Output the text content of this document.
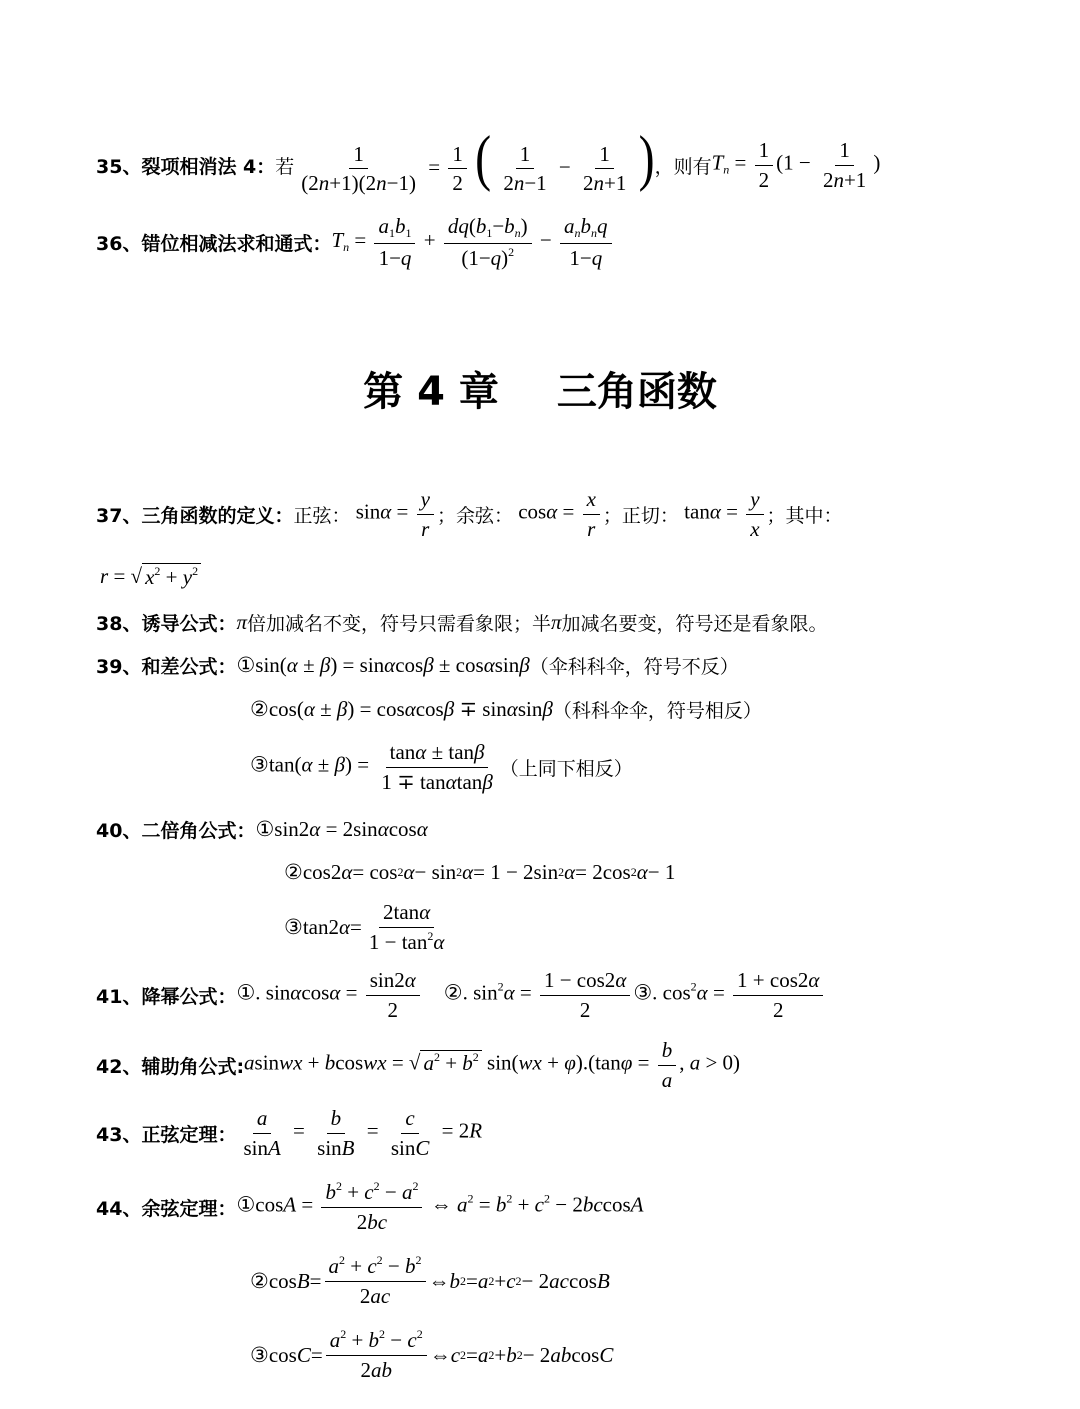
35、裂项相消法 4： 若 $\frac{1}{(2n+1)(2n-1)} = \frac{1}{2}$ ( $\frac{1}{2n-1} - \frac{1}{2n+1}$ ) ，则有 $T_n = \frac{1}{2} (1 - \frac{1}{2n+1}$ )
36、错位相减法求和通式： $T_n = \frac{a_1b_1}{1-q} + \frac{dq(b_1-b_n)}{(1-q)^2}$ −
$a_nb_nq$
1−q
第 4 章 三角函数
37、三角函数的定义： 正弦： $\sin\alpha = \frac{y}{r}$ ；余弦： $\cos\alpha = \frac{x}{r}$ ；正切： $\tan\alpha = \frac{y}{x}$ ；其中：
r = √ $x^2 + y^2$
38、诱导公式： π 倍加减名不变，符号只需看象限；半 π 加减名要变，符号还是看象限。
39、和差公式： ①sin(α ± β) = sinαcosβ ± cosαsinβ （伞科科伞，符号不反）
②cos(α ± β) = cosαcosβ ∓ sinαsinβ （科科伞伞，符号相反）
③tan(α ± $\beta) = \frac{\tan\alpha \pm \tan\beta}{1 \mp \tan\alpha\tan\beta}$ （上同下相反）
40、二倍角公式： ①sin2α = 2sinαcosα
②cos2 α = cos 2 α − sin 2 α = 1 − 2sin 2 α = 2cos 2 α − 1
③tan2 α =
2tanα
$1 - \tan^2\alpha$
41、降幂公式： ①. $\sin\alpha\cos\alpha = \frac{\sin 2\alpha}{2}$ ②. $\sin^2\alpha = \frac{1 - \cos 2\alpha}{2}$ ③. $\cos^2\alpha = \frac{1 + \cos 2\alpha}{2}$
42、辅助角公式: asinwx + bcoswx = √ $a^2 + b^2$ $\sin(wx + \varphi).(\tan\varphi = \frac{b}{a}$ , a > 0)
43、正弦定理： $\frac{a}{\sin A} = \frac{b}{\sin B} = \frac{c}{\sin C} = 2R$
44、余弦定理： ①cosA = $\frac{b^2 + c^2 - a^2}{2bc}$ ⇔ $a^2 = b^2 + c^2 - 2bccosA$
②cos B =
$a^2 + c^2 - b^2$
2ac
⇔ b 2 = a 2 + c 2 − 2 ac cos B
③cos C =
$a^2 + b^2 - c^2$
2ab
⇔ c 2 = a 2 + b 2 − 2 ab cos C
